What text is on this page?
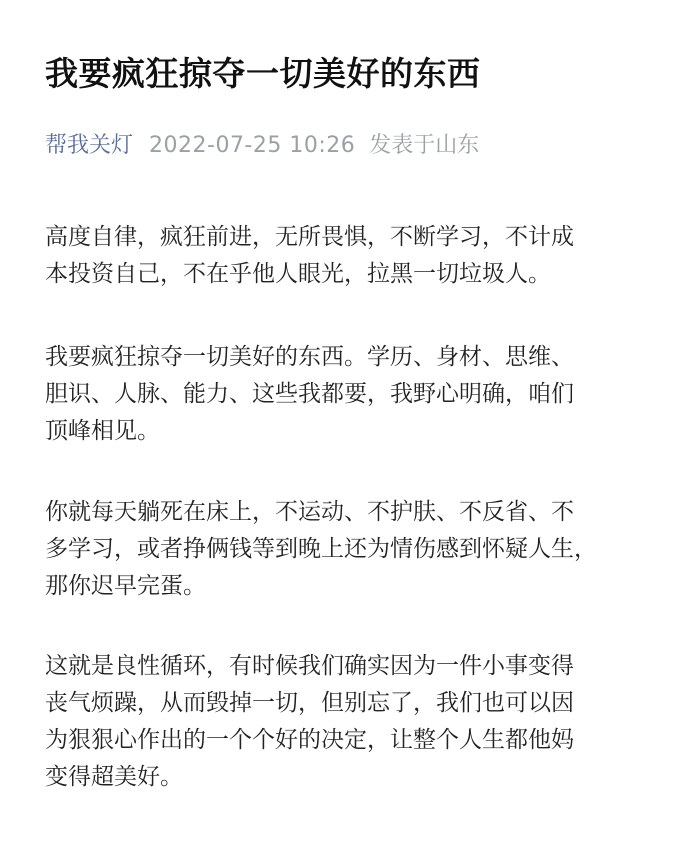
我要疯狂掠夺一切美好的东西
帮我关灯 2022-07-25 10:26 发表于山东

高度自律，疯狂前进，无所畏惧，不断学习，不计成
本投资自己，不在乎他人眼光，拉黑一切垃圾人。

我要疯狂掠夺一切美好的东西。学历、身材、思维、
胆识、人脉、能力、这些我都要，我野心明确，咱们
顶峰相见。

你就每天躺死在床上，不运动、不护肤、不反省、不
多学习，或者挣俩钱等到晚上还为情伤感到怀疑人生，
那你迟早完蛋。

这就是良性循环，有时候我们确实因为一件小事变得
丧气烦躁，从而毁掉一切，但别忘了，我们也可以因
为狠狠心作出的一个个好的决定，让整个人生都他妈
变得超美好。
